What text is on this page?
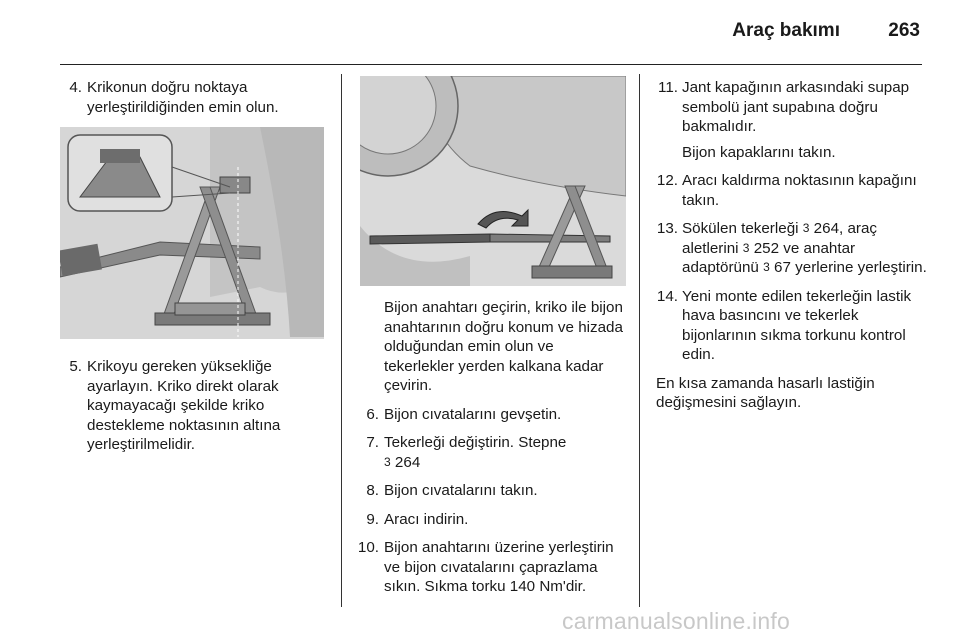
Araç bakımı	263
4. Krikonun doğru noktaya yerleştirildiğinden emin olun.
5. Krikoyu gereken yüksekliğe ayarlayın. Kriko direkt olarak kaymayacağı şekilde kriko destekleme noktasının altına yerleştirilmelidir.
Bijon anahtarı geçirin, kriko ile bijon anahtarının doğru konum ve hizada olduğundan emin olun ve tekerlekler yerden kalkana kadar çevirin.
6. Bijon cıvatalarını gevşetin.
7. Tekerleği değiştirin. Stepne
3 264
8. Bijon cıvatalarını takın.
9. Aracı indirin.
10. Bijon anahtarını üzerine yerleştirin ve bijon cıvatalarını çaprazlama sıkın. Sıkma torku 140 Nm'dir.
11. Jant kapağının arkasındaki supap sembolü jant supabına doğru bakmalıdır.
Bijon kapaklarını takın.
12. Aracı kaldırma noktasının kapağını takın.
13. Sökülen tekerleği 3 264, araç aletlerini 3 252 ve anahtar adaptörünü 3 67 yerlerine yerleştirin.
14. Yeni monte edilen tekerleğin lastik hava basıncını ve tekerlek bijonlarının sıkma torkunu kontrol edin.
En kısa zamanda hasarlı lastiğin değişmesini sağlayın.
carmanualsonline.info
